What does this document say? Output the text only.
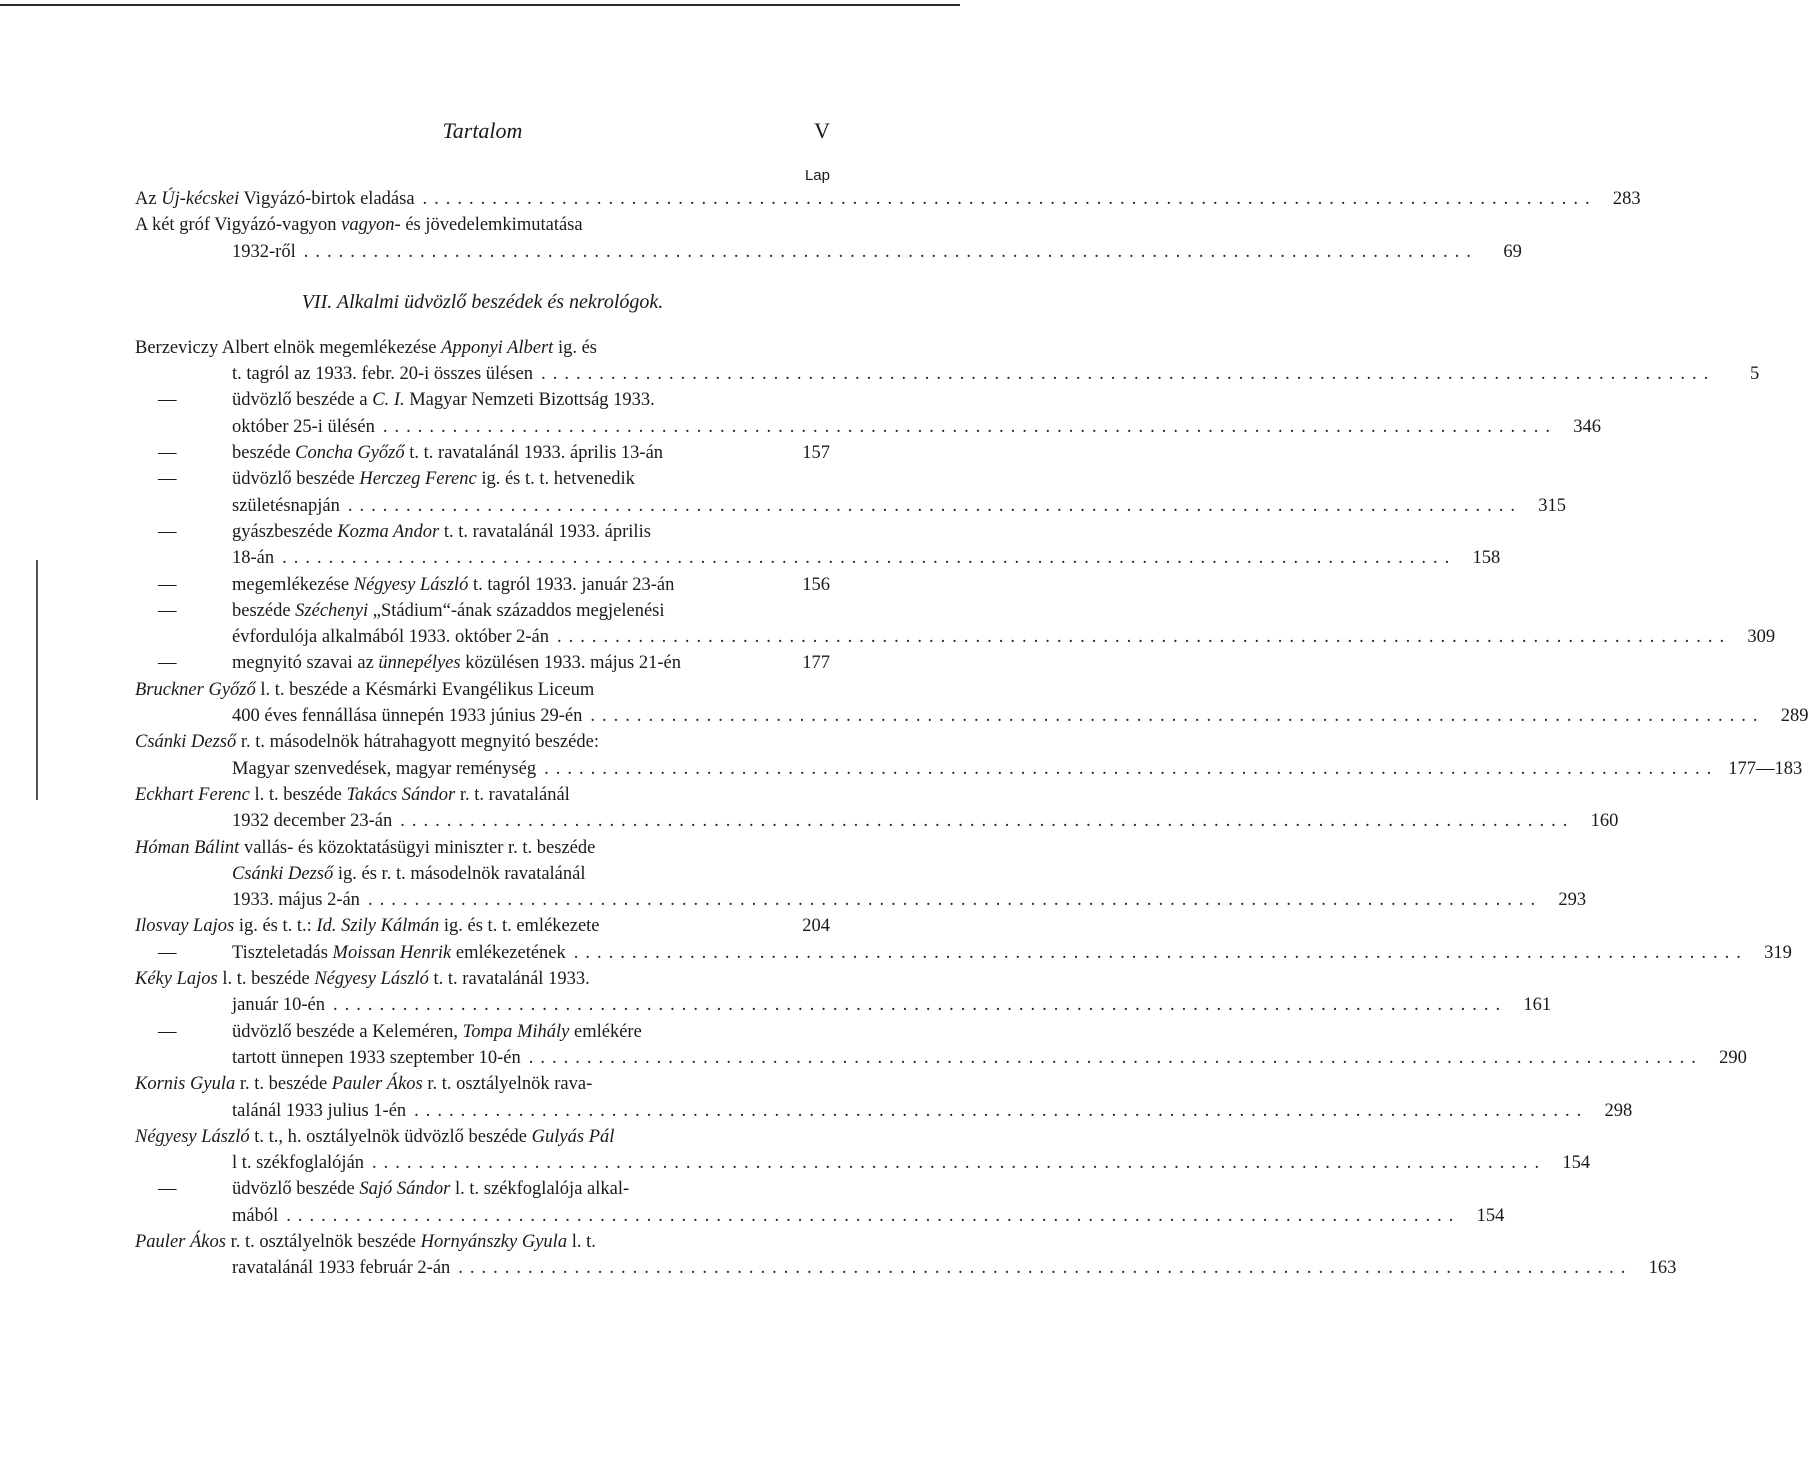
Tartalom	V
Lap
Az Új-kécskei Vigyázó-birtok eladása .....	283
A két gróf Vigyázó-vagyon vagyon- és jövedelemkimutatása
1932-ről .....	69
VII. Alkalmi üdvözlő beszédek és nekrológok.
Berzeviczy Albert elnök megemlékezése Apponyi Albert ig. és
t. tagról az 1933. febr. 20-i összes ülésen .....	5
— üdvözlő beszéde a C. I. Magyar Nemzeti Bizottság 1933.
október 25-i ülésén .....	346
— beszéde Concha Győző t. t. ravatalánál 1933. április 13-án	157
— üdvözlő beszéde Herczeg Ferenc ig. és t. t. hetvenedik
születésnapján .....	315
— gyászbeszéde Kozma Andor t. t. ravatalánál 1933. április
18-án .....	158
— megemlékezése Négyesy László t. tagról 1933. január 23-án	156
— beszéde Széchenyi „Stádium“-ának századdos megjelenési
évfordulója alkalmából 1933. október 2-án .....	309
— megnyitó szavai az ünnepélyes közülésen 1933. május 21-én	177
Bruckner Győző l. t. beszéde a Késmárki Evangélikus Liceum
400 éves fennállása ünnepén 1933 június 29-én .....	289
Csánki Dezső r. t. másodelnök hátrahagyott megnyitó beszéde:
Magyar szenvedések, magyar reménység .....	177—183
Eckhart Ferenc l. t. beszéde Takács Sándor r. t. ravatalánál
1932 december 23-án .....	160
Hóman Bálint vallás- és közoktatásügyi miniszter r. t. beszéde
Csánki Dezső ig. és r. t. másodelnök ravatalánál
1933. május 2-án .....	293
Ilosvay Lajos ig. és t. t.: Id. Szily Kálmán ig. és t. t. emlékezete	204
— Tiszteletadás Moissan Henrik emlékezetének .....	319
Kéky Lajos l. t. beszéde Négyesy László t. t. ravatalánál 1933.
január 10-én .....	161
— üdvözlő beszéde a Keleméren, Tompa Mihály emlékére
tartott ünnepen 1933 szeptember 10-én .....	290
Kornis Gyula r. t. beszéde Pauler Ákos r. t. osztályelnök rava-
talánál 1933 julius 1-én .....	298
Négyesy László t. t., h. osztályelnök üdvözlő beszéde Gulyás Pál
l t. székfoglalóján .....	154
— üdvözlő beszéde Sajó Sándor l. t. székfoglalója alkal-
mából .....	154
Pauler Ákos r. t. osztályelnök beszéde Hornyánszky Gyula l. t.
ravatalánál 1933 február 2-án .....	163
